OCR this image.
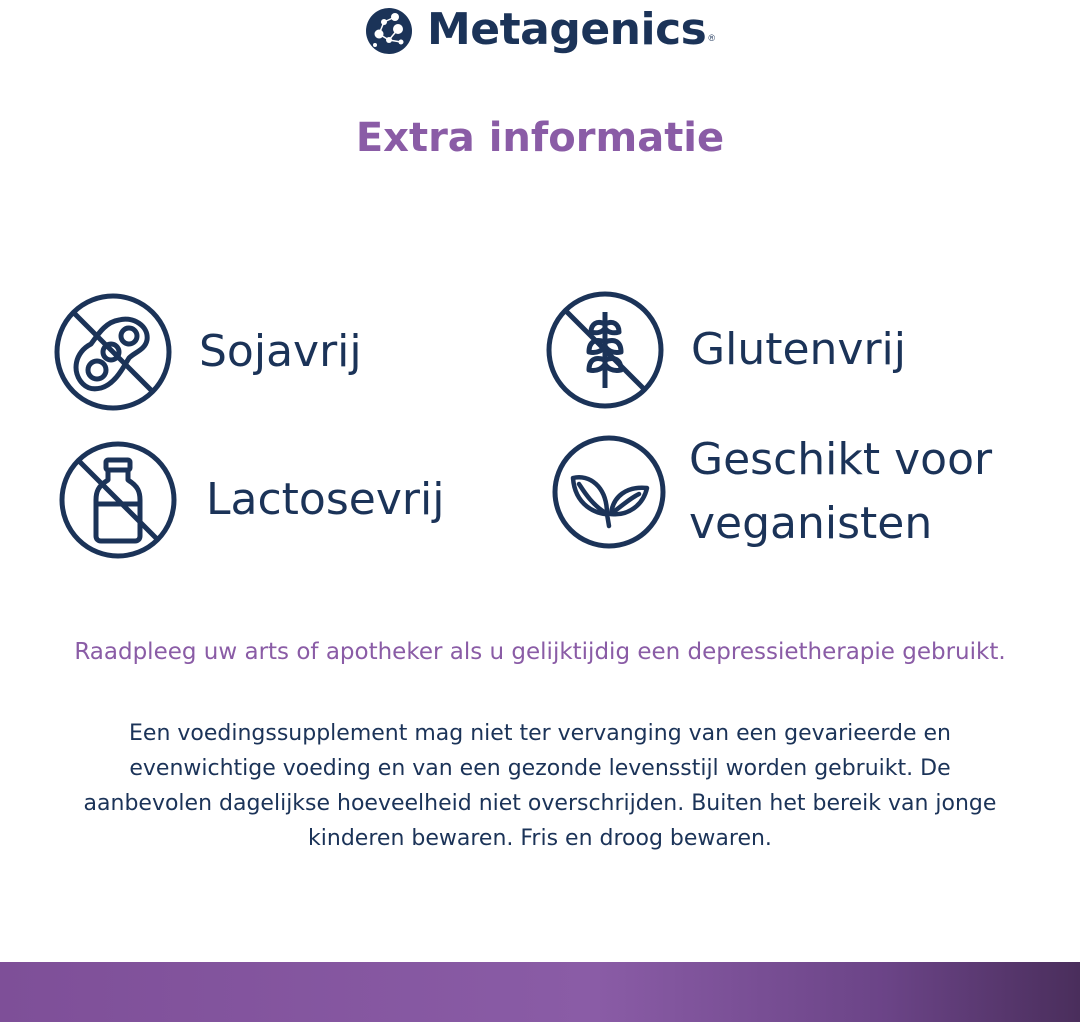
Metagenics ®
Extra informatie
Sojavrij	Glutenvrij
Lactosevrij
Geschikt voor
veganisten
Raadpleeg uw arts of apotheker als u gelijktijdig een depressietherapie gebruikt.
Een voedingssupplement mag niet ter vervanging van een gevarieerde en evenwichtige voeding en van een gezonde levensstijl worden gebruikt. De aanbevolen dagelijkse hoeveelheid niet overschrijden. Buiten het bereik van jonge kinderen bewaren. Fris en droog bewaren.
